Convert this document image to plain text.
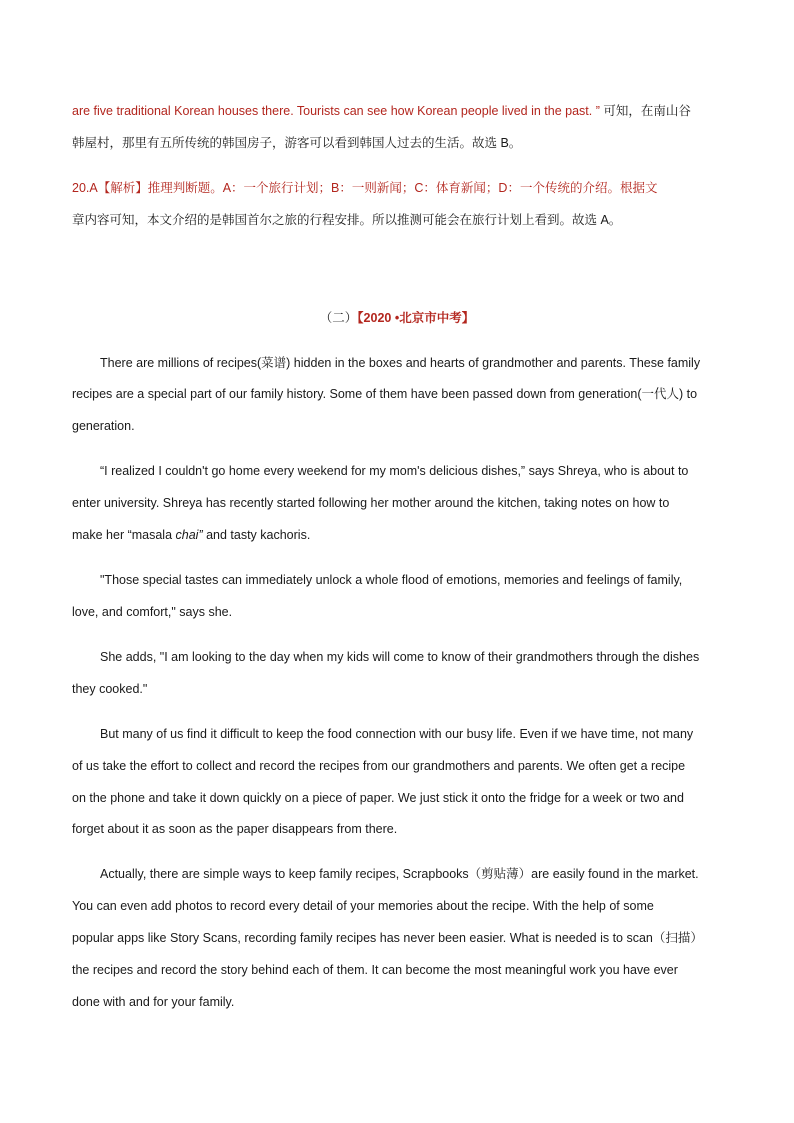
are five traditional Korean houses there. Tourists can see how Korean people lived in the past. ” 可知，在南山谷
韩屋村，那里有五所传统的韩国房子，游客可以看到韩国人过去的生活。故选 B。
20.A【解析】推理判断题。A：一个旅行计划；B：一则新闻；C：体育新闻；D：一个传统的介绍。根据文
章内容可知，本文介绍的是韩国首尔之旅的行程安排。所以推测可能会在旅行计划上看到。故选 A。
（二）【2020 •北京市中考】
There are millions of recipes(菜谱) hidden in the boxes and hearts of grandmother and parents. These family
recipes are a special part of our family history. Some of them have been passed down from generation(一代人) to
generation.
“I realized I couldn't go home every weekend for my mom's delicious dishes,” says Shreya, who is about to
enter university. Shreya has recently started following her mother around the kitchen, taking notes on how to
make her “masala chai” and tasty kachoris.
"Those special tastes can immediately unlock a whole flood of emotions, memories and feelings of family,
love, and comfort," says she.
She adds, "I am looking to the day when my kids will come to know of their grandmothers through the dishes
they cooked."
But many of us find it difficult to keep the food connection with our busy life. Even if we have time, not many
of us take the effort to collect and record the recipes from our grandmothers and parents. We often get a recipe
on the phone and take it down quickly on a piece of paper. We just stick it onto the fridge for a week or two and
forget about it as soon as the paper disappears from there.
Actually, there are simple ways to keep family recipes, Scrapbooks（剪贴薄）are easily found in the market.
You can even add photos to record every detail of your memories about the recipe. With the help of some
popular apps like Story Scans, recording family recipes has never been easier. What is needed is to scan（扫描）
the recipes and record the story behind each of them. It can become the most meaningful work you have ever
done with and for your family.
